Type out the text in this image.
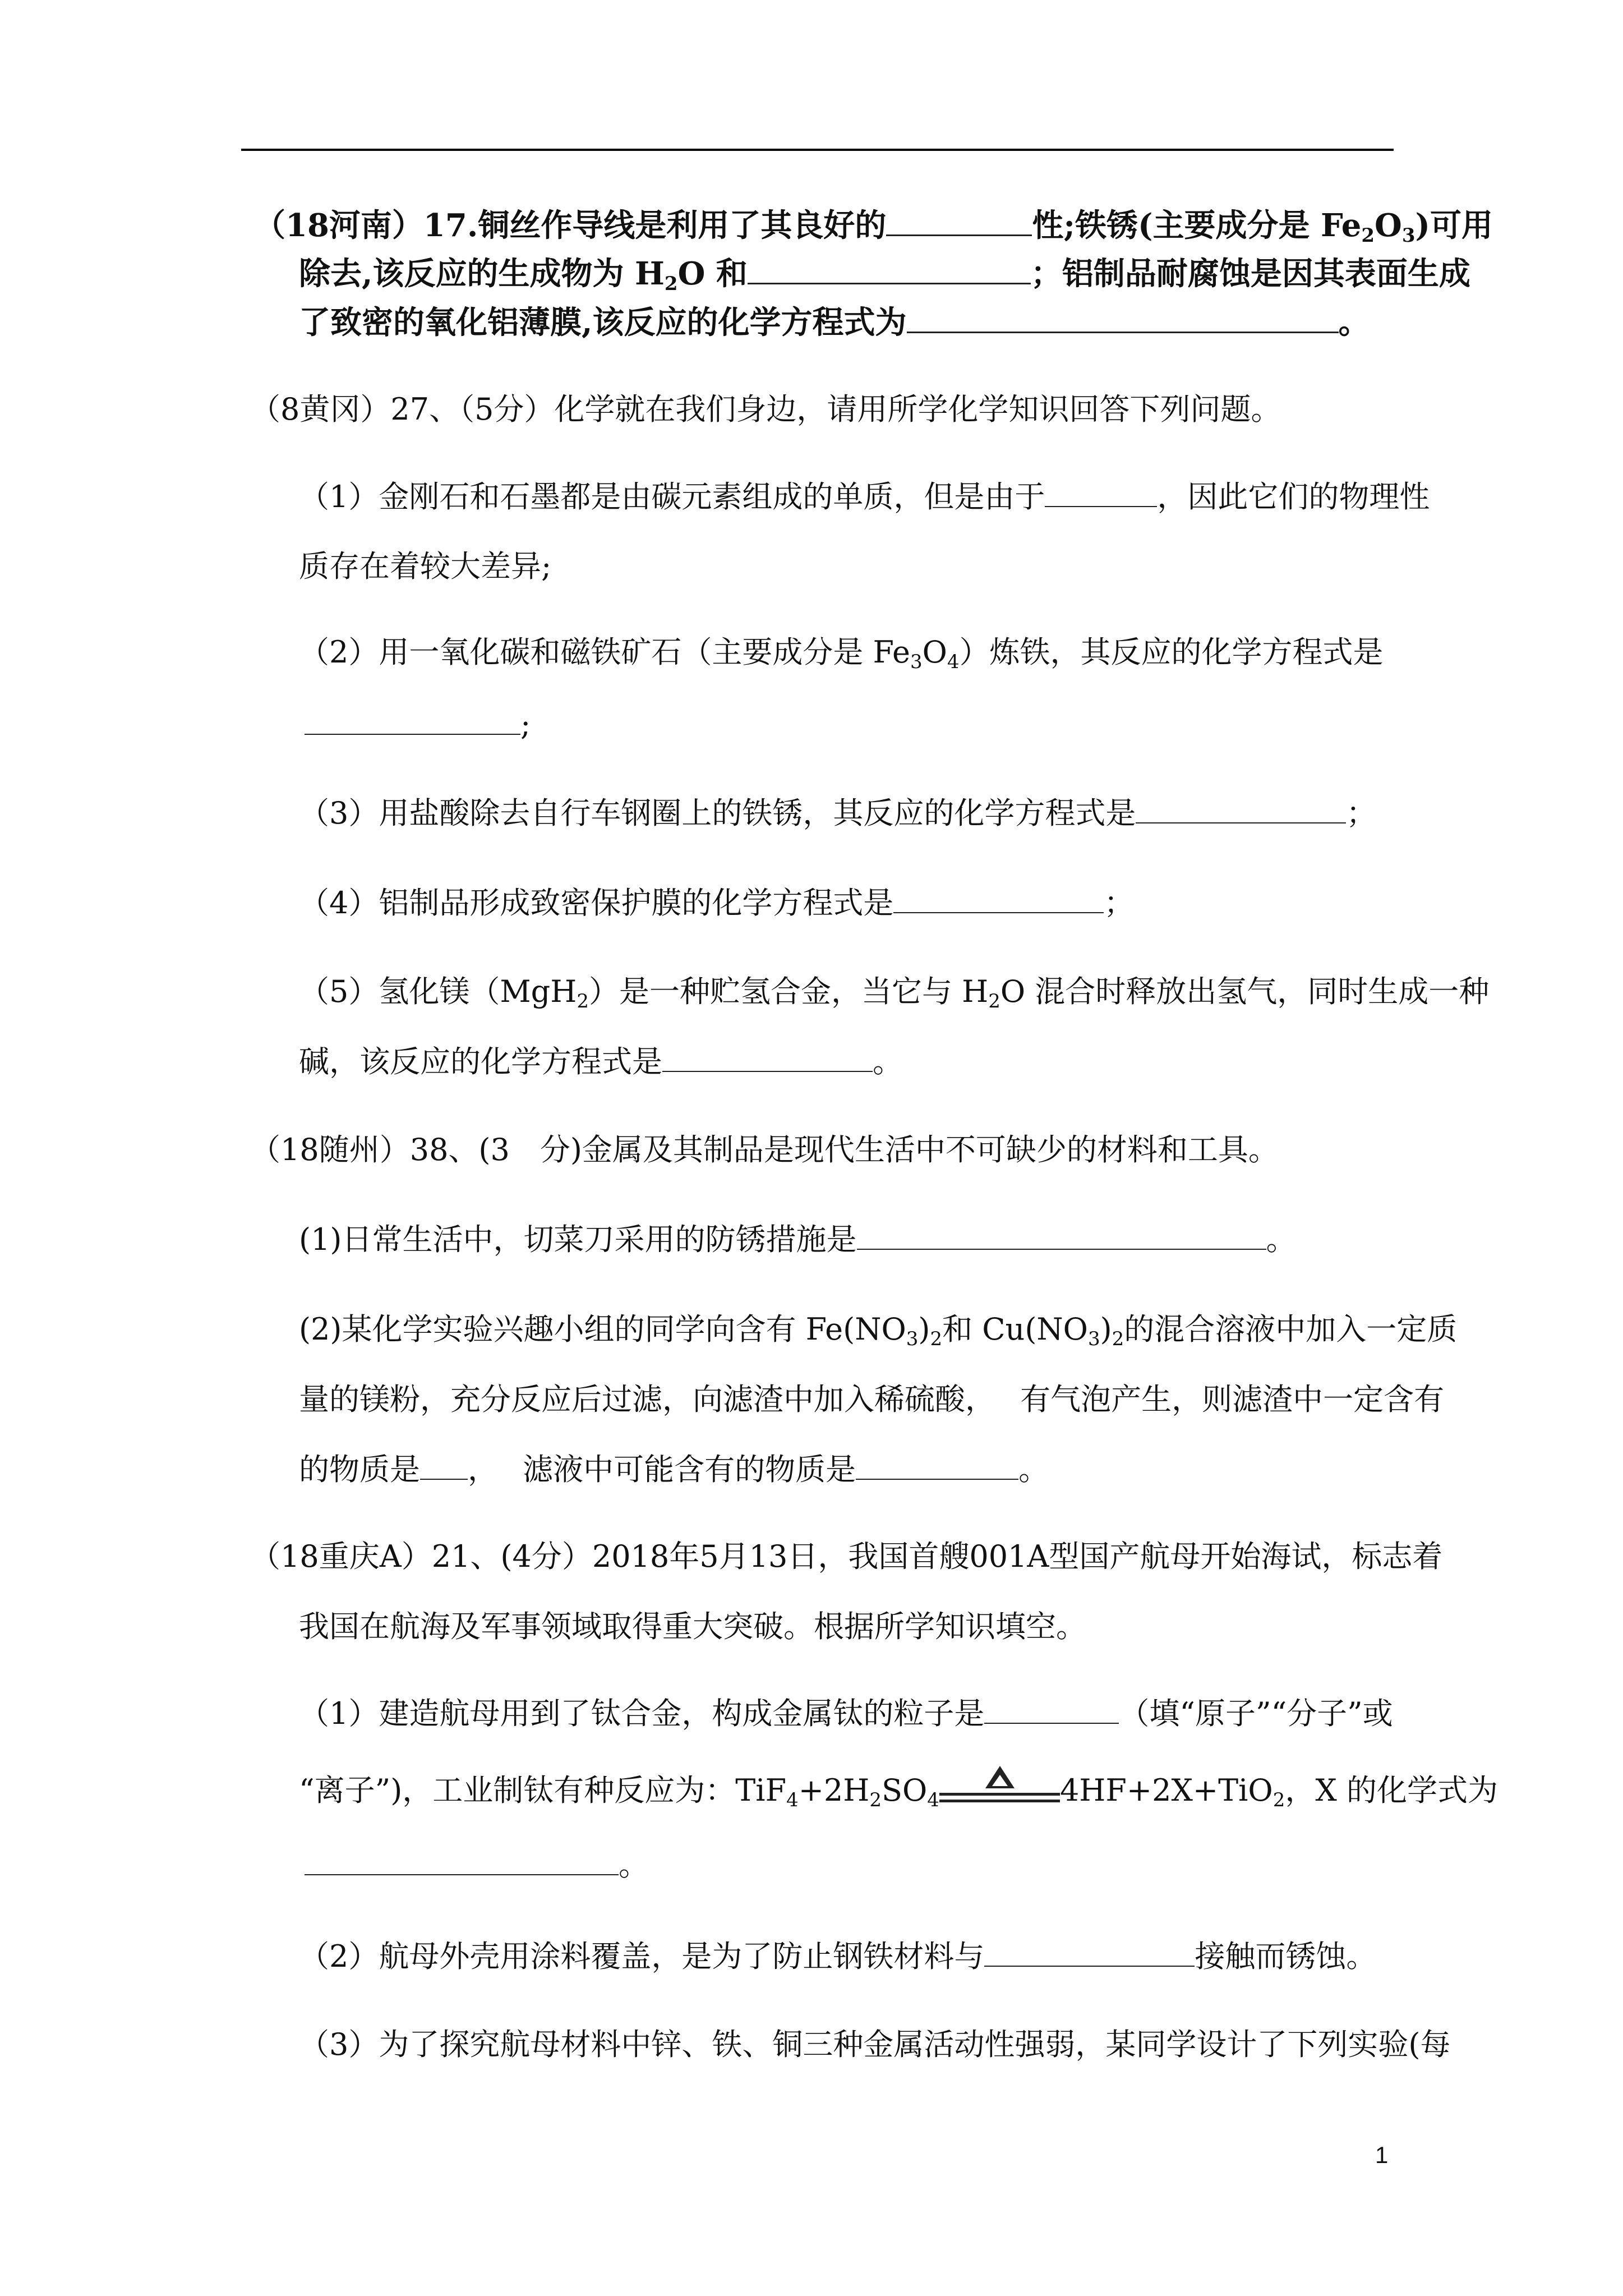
（18河南）17.铜丝作导线是利用了其良好的	性;铁锈(主要成分是 $Fe_2O_3$)可用
除去,该反应的生成物为 $H_2O$ 和	；铝制品耐腐蚀是因其表面生成
了致密的氧化铝薄膜,该反应的化学方程式为	。
（8黄冈）27、（5分）化学就在我们身边，请用所学化学知识回答下列问题。
（1）金刚石和石墨都是由碳元素组成的单质，但是由于	，因此它们的物理性
质存在着较大差异;
（2）用一氧化碳和磁铁矿石（主要成分是 $Fe_3O_4$）炼铁，其反应的化学方程式是
;
（3）用盐酸除去自行车钢圈上的铁锈，其反应的化学方程式是	；
（4）铝制品形成致密保护膜的化学方程式是	；
（5）氢化镁（MgH$_2$）是一种贮氢合金，当它与 $H_2O$ 混合时释放出氢气，同时生成一种
碱，该反应的化学方程式是	。
（18随州）38、(3　分)金属及其制品是现代生活中不可缺少的材料和工具。
(1)日常生活中，切菜刀采用的防锈措施是	。
(2)某化学实验兴趣小组的同学向含有 $Fe(NO_3)_2$和 $Cu(NO_3)_2$的混合溶液中加入一定质
量的镁粉，充分反应后过滤，向滤渣中加入稀硫酸，　 有气泡产生，则滤渣中一定含有
的物质是 ，　 滤液中可能含有的物质是	。
（18重庆A）21、(4分）2018年5月13日，我国首艘001A型国产航母开始海试，标志着
我国在航海及军事领域取得重大突破。根据所学知识填空。
（1）建造航母用到了钛合金，构成金属钛的粒子是	（填“原子”“分子”或
“离子”)，工业制钛有种反应为：$TiF_4+2H_2SO_4$	4HF+2X+TiO$_2$，X 的化学式为
。
（2）航母外壳用涂料覆盖，是为了防止钢铁材料与	接触而锈蚀。
（3）为了探究航母材料中锌、铁、铜三种金属活动性强弱，某同学设计了下列实验(每
1
